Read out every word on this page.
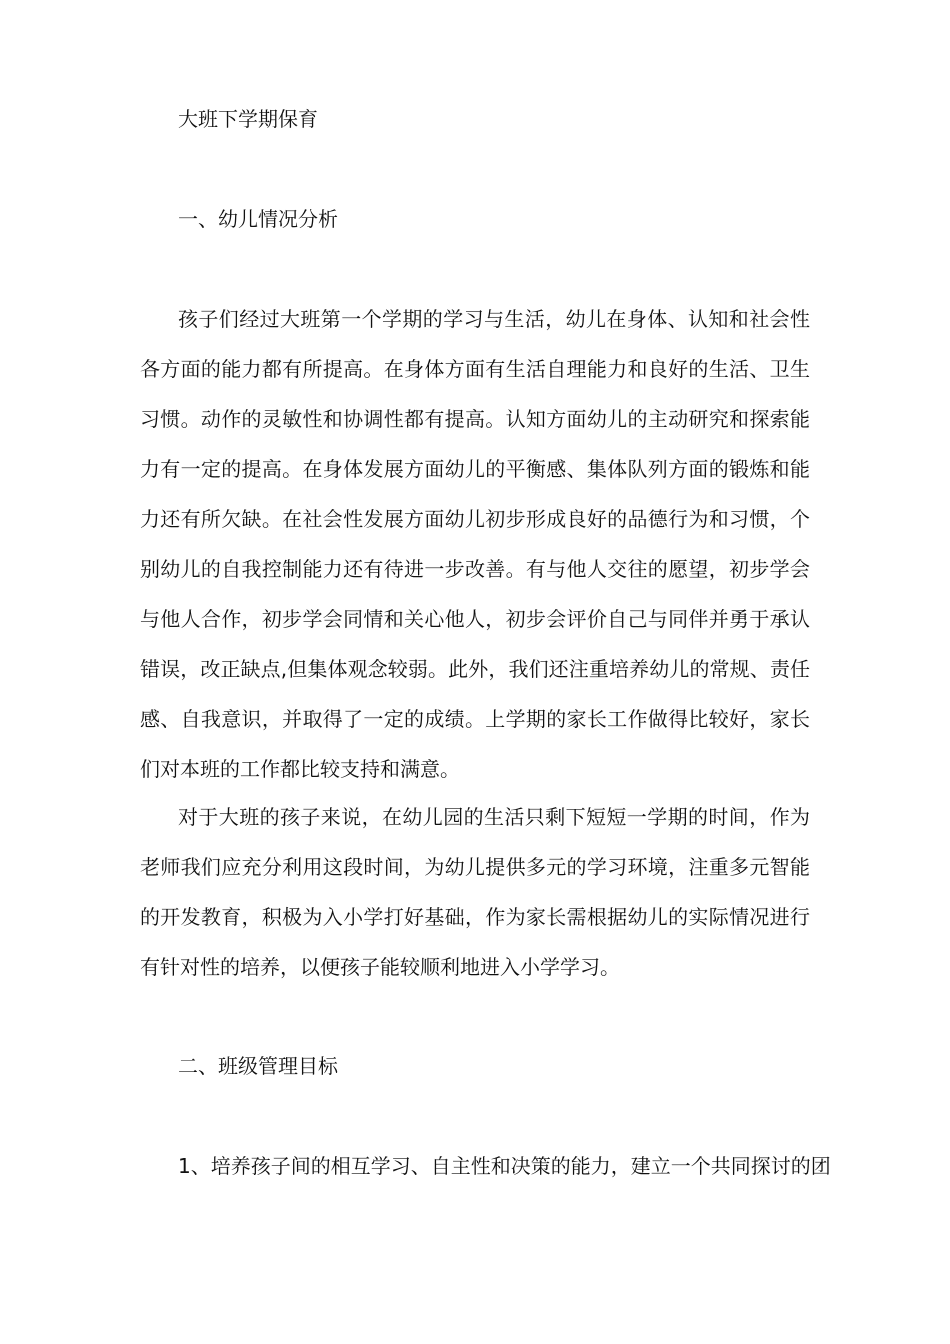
大班下学期保育
一、幼儿情况分析

孩子们经过大班第一个学期的学习与生活，幼儿在身体、认知和社会性各方面的能力都有所提高。在身体方面有生活自理能力和良好的生活、卫生习惯。动作的灵敏性和协调性都有提高。认知方面幼儿的主动研究和探索能力有一定的提高。在身体发展方面幼儿的平衡感、集体队列方面的锻炼和能力还有所欠缺。在社会性发展方面幼儿初步形成良好的品德行为和习惯，个别幼儿的自我控制能力还有待进一步改善。有与他人交往的愿望，初步学会与他人合作，初步学会同情和关心他人，初步会评价自己与同伴并勇于承认错误，改正缺点,但集体观念较弱。此外，我们还注重培养幼儿的常规、责任感、自我意识，并取得了一定的成绩。上学期的家长工作做得比较好，家长们对本班的工作都比较支持和满意。

对于大班的孩子来说，在幼儿园的生活只剩下短短一学期的时间，作为老师我们应充分利用这段时间，为幼儿提供多元的学习环境，注重多元智能的开发教育，积极为入小学打好基础，作为家长需根据幼儿的实际情况进行有针对性的培养，以便孩子能较顺利地进入小学学习。

二、班级管理目标
1、培养孩子间的相互学习、自主性和决策的能力，建立一个共同探讨的团
